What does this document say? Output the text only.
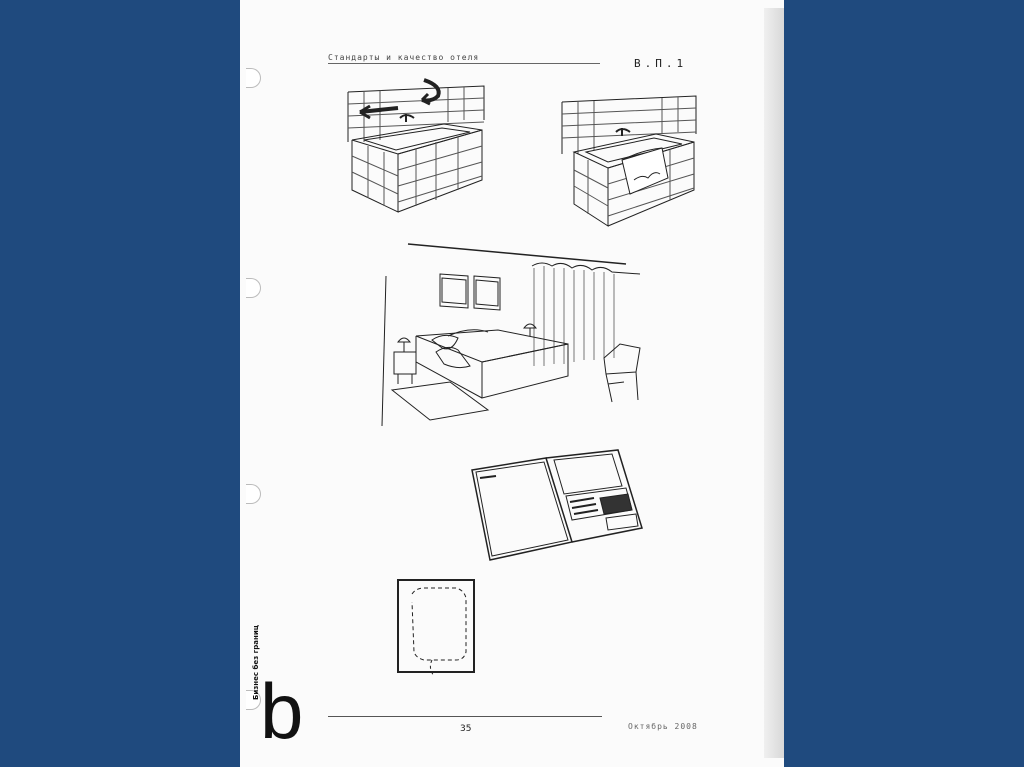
Стандарты и качество отеля	В.П.1
b
Бизнес без границ
35	Октябрь 2008
